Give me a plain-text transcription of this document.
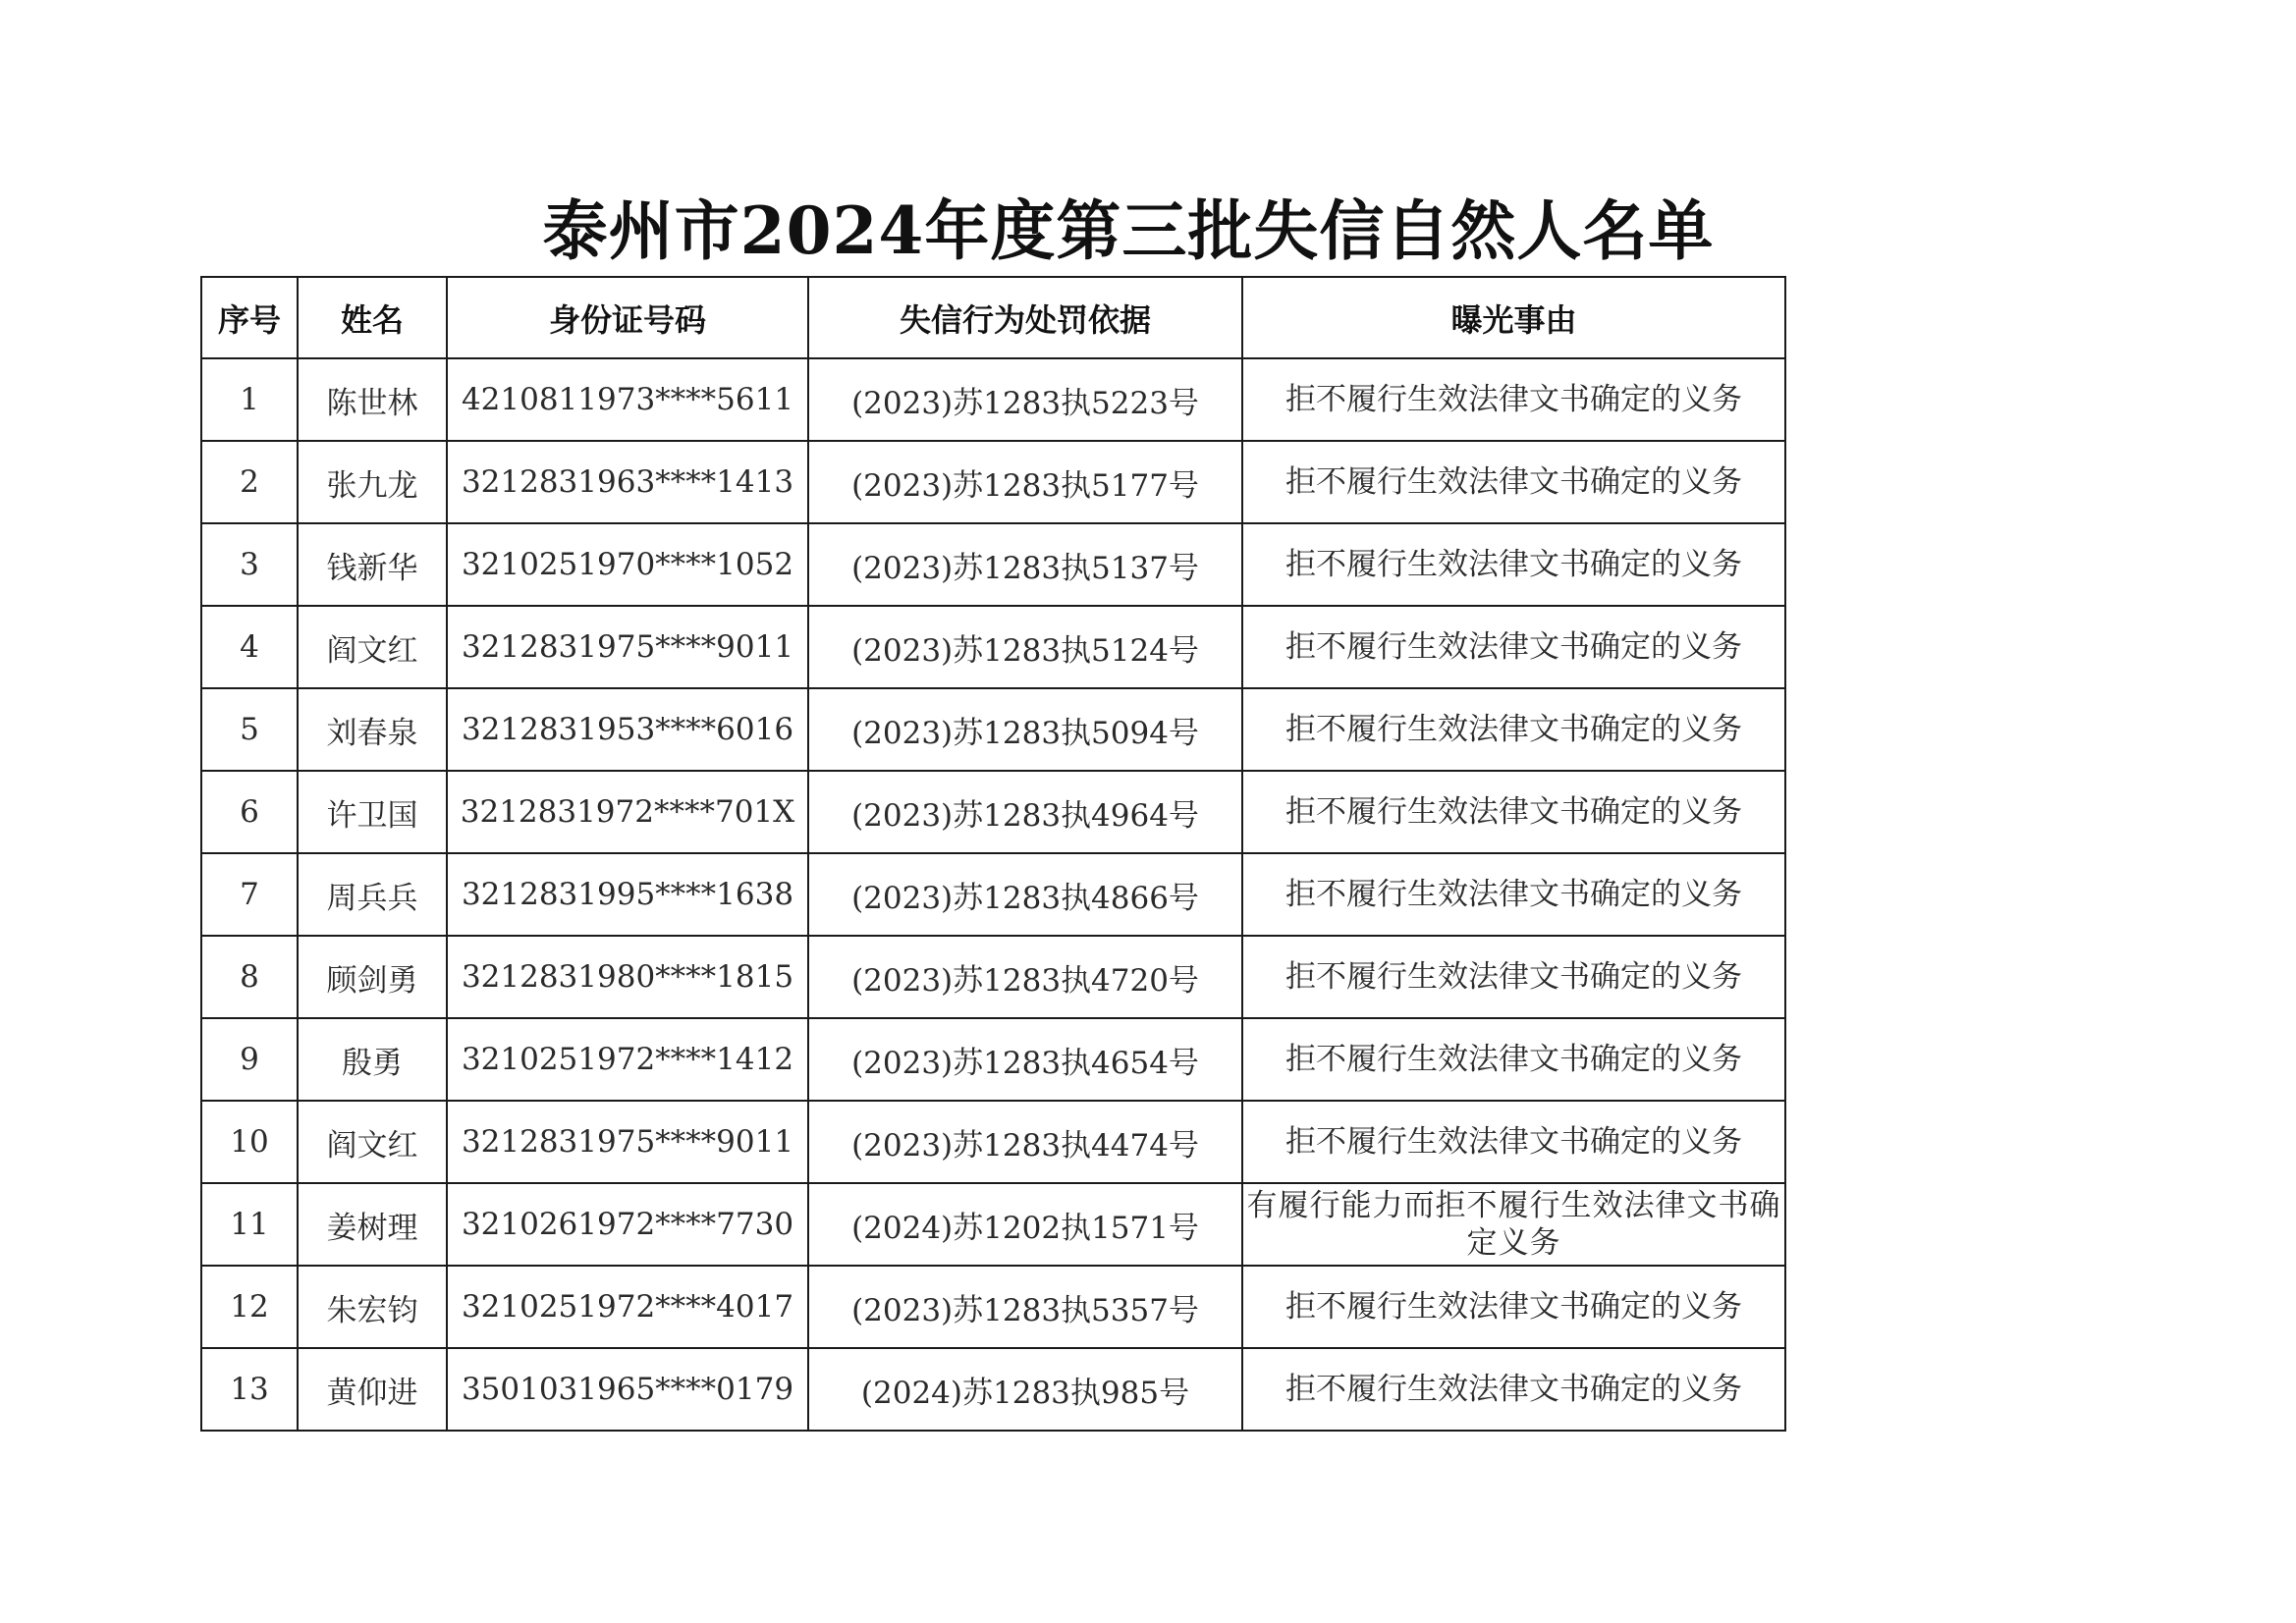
泰州市2024年度第三批失信自然人名单
序号	姓名	身份证号码	失信行为处罚依据	曝光事由
1	陈世林	4210811973****5611	(2023)苏1283执5223号	拒不履行生效法律文书确定的义务
2	张九龙	3212831963****1413	(2023)苏1283执5177号	拒不履行生效法律文书确定的义务
3	钱新华	3210251970****1052	(2023)苏1283执5137号	拒不履行生效法律文书确定的义务
4	阎文红	3212831975****9011	(2023)苏1283执5124号	拒不履行生效法律文书确定的义务
5	刘春泉	3212831953****6016	(2023)苏1283执5094号	拒不履行生效法律文书确定的义务
6	许卫国	3212831972****701X	(2023)苏1283执4964号	拒不履行生效法律文书确定的义务
7	周兵兵	3212831995****1638	(2023)苏1283执4866号	拒不履行生效法律文书确定的义务
8	顾剑勇	3212831980****1815	(2023)苏1283执4720号	拒不履行生效法律文书确定的义务
9	殷勇	3210251972****1412	(2023)苏1283执4654号	拒不履行生效法律文书确定的义务
10	阎文红	3212831975****9011	(2023)苏1283执4474号	拒不履行生效法律文书确定的义务
11	姜树理	3210261972****7730	(2024)苏1202执1571号	有履行能力而拒不履行生效法律文书确定义务
12	朱宏钧	3210251972****4017	(2023)苏1283执5357号	拒不履行生效法律文书确定的义务
13	黄仰进	3501031965****0179	(2024)苏1283执985号	拒不履行生效法律文书确定的义务
